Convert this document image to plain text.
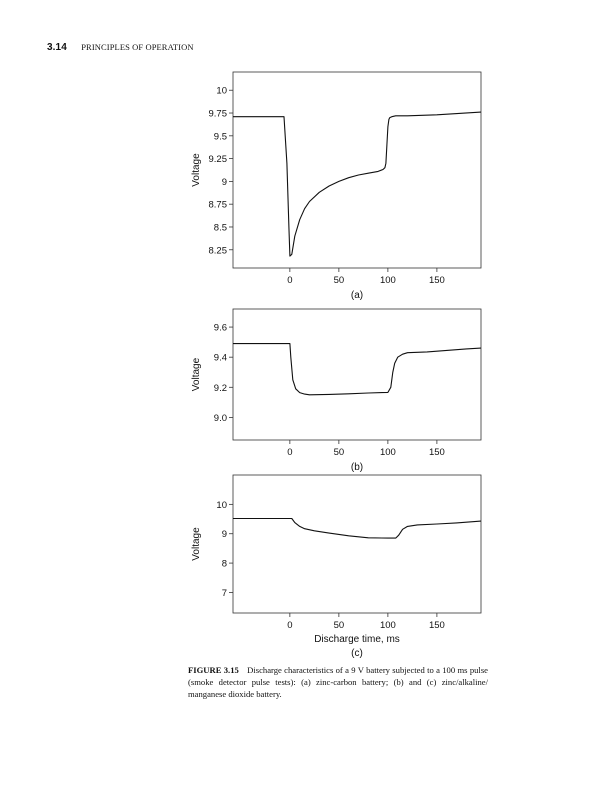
3.14 PRINCIPLES OF OPERATION
8.25
8.5
8.75
9
9.25
9.5
9.75
10
0	50	100	150
Voltage
(a)
9.0
9.2
9.4
9.6
0	50	100	150
Voltage
(b)
7
8
9
10
0	50	100	150
Voltage
Discharge time, ms
(c)
FIGURE 3.15 Discharge characteristics of a 9 V battery subjected to a 100 ms pulse (smoke detector pulse tests): (a) zinc-carbon battery; (b) and (c) zinc/alkaline/ manganese dioxide battery.
